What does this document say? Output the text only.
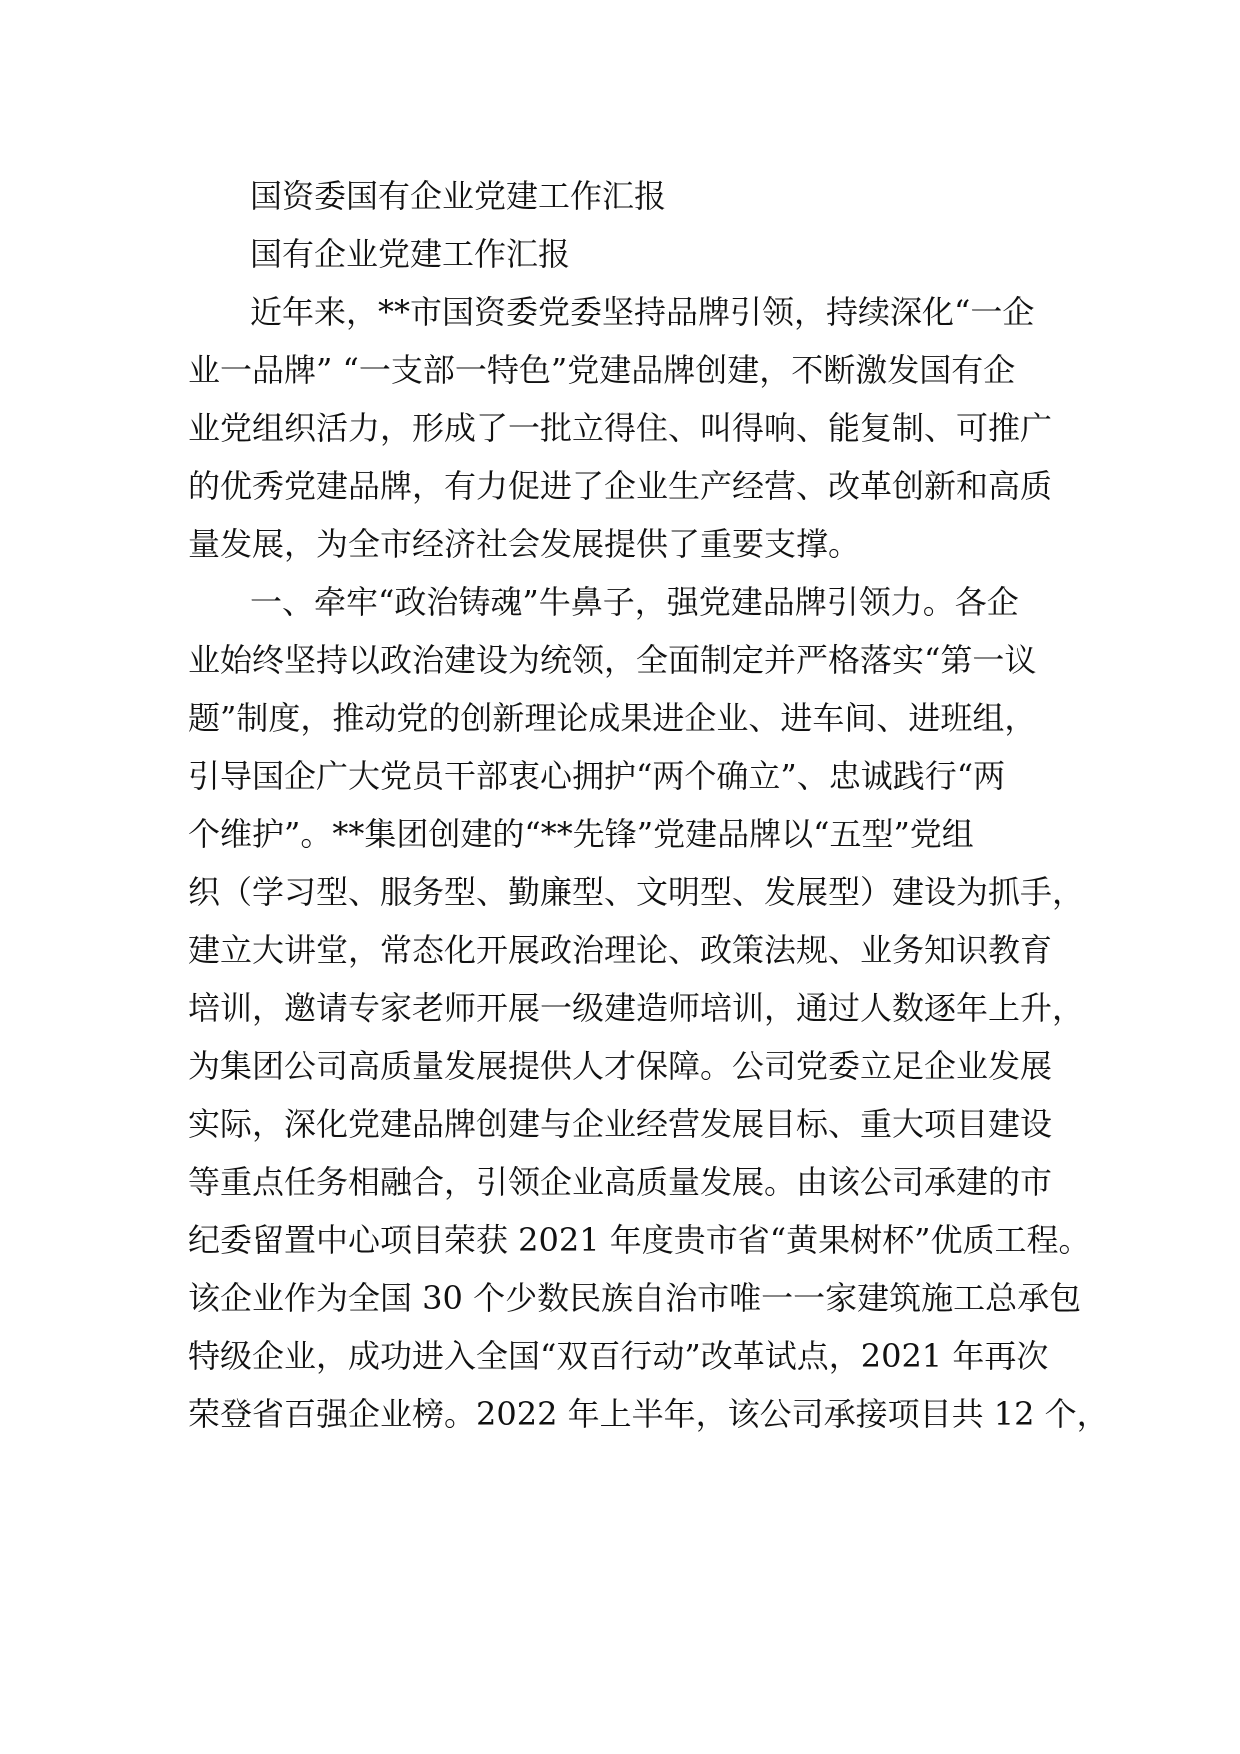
国资委国有企业党建工作汇报
国有企业党建工作汇报
近年来，**市国资委党委坚持品牌引领，持续深化“一企
业一品牌” “一支部一特色”党建品牌创建，不断激发国有企
业党组织活力，形成了一批立得住、叫得响、能复制、可推广
的优秀党建品牌，有力促进了企业生产经营、改革创新和高质
量发展，为全市经济社会发展提供了重要支撑。
一、牵牢“政治铸魂”牛鼻子，强党建品牌引领力。各企
业始终坚持以政治建设为统领，全面制定并严格落实“第一议
题”制度，推动党的创新理论成果进企业、进车间、进班组，
引导国企广大党员干部衷心拥护“两个确立”、忠诚践行“两
个维护”。**集团创建的“**先锋”党建品牌以“五型”党组
织（学习型、服务型、勤廉型、文明型、发展型）建设为抓手，
建立大讲堂，常态化开展政治理论、政策法规、业务知识教育
培训，邀请专家老师开展一级建造师培训，通过人数逐年上升，
为集团公司高质量发展提供人才保障。公司党委立足企业发展
实际，深化党建品牌创建与企业经营发展目标、重大项目建设
等重点任务相融合，引领企业高质量发展。由该公司承建的市
纪委留置中心项目荣获 2021 年度贵市省“黄果树杯”优质工程。
该企业作为全国 30 个少数民族自治市唯一一家建筑施工总承包
特级企业，成功进入全国“双百行动”改革试点，2021 年再次
荣登省百强企业榜。2022 年上半年，该公司承接项目共 12 个，
